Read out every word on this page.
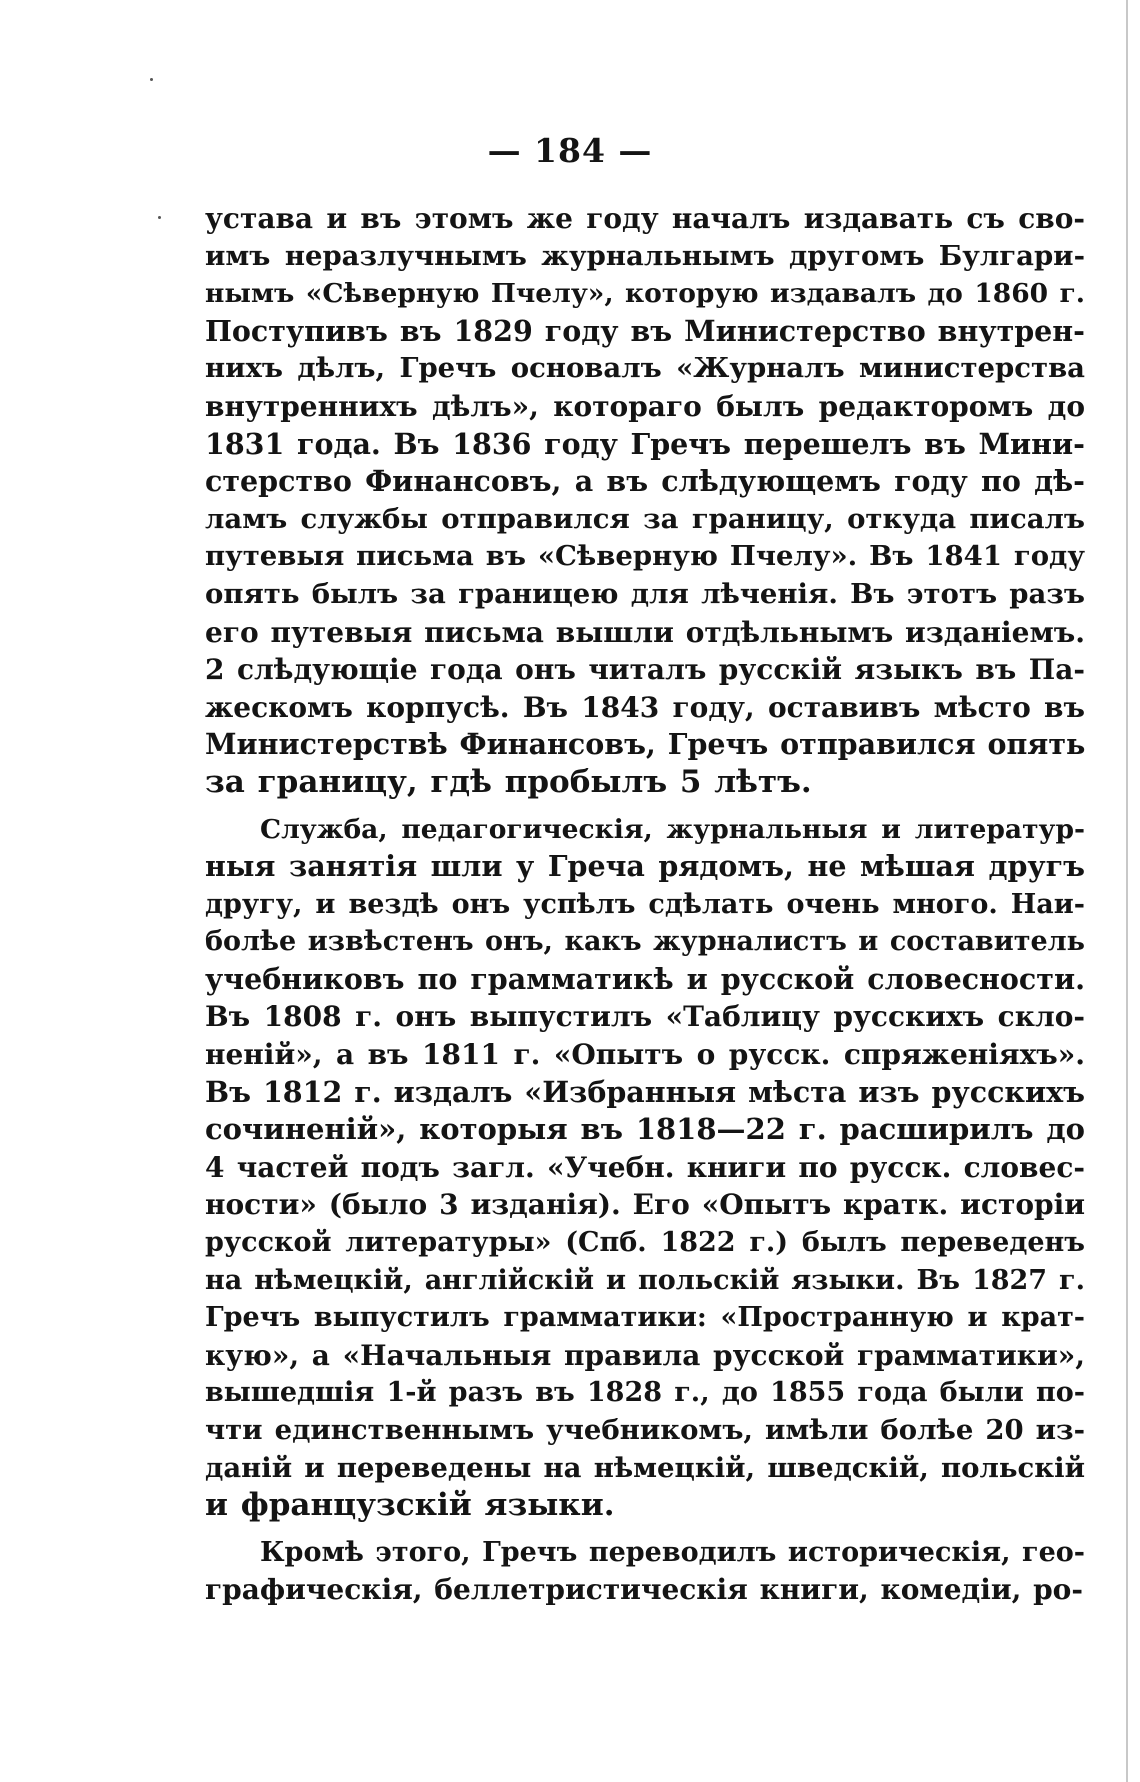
— 184 —
устава и въ этомъ же году началъ издавать съ сво-
имъ неразлучнымъ журнальнымъ другомъ Булгари-
нымъ «Сѣверную Пчелу», которую издавалъ до 1860 г.
Поступивъ въ 1829 году въ Министерство внутрен-
нихъ дѣлъ, Гречъ основалъ «Журналъ министерства
внутреннихъ дѣлъ», котораго былъ редакторомъ до
1831 года. Въ 1836 году Гречъ перешелъ въ Мини-
стерство Финансовъ, а въ слѣдующемъ году по дѣ-
ламъ службы отправился за границу, откуда писалъ
путевыя письма въ «Сѣверную Пчелу». Въ 1841 году
опять былъ за границею для лѣченія. Въ этотъ разъ
его путевыя письма вышли отдѣльнымъ изданіемъ.
2 слѣдующіе года онъ читалъ русскій языкъ въ Па-
жескомъ корпусѣ. Въ 1843 году, оставивъ мѣсто въ
Министерствѣ Финансовъ, Гречъ отправился опять
за границу, гдѣ пробылъ 5 лѣтъ.
Служба, педагогическія, журнальныя и литератур-
ныя занятія шли у Греча рядомъ, не мѣшая другъ
другу, и вездѣ онъ успѣлъ сдѣлать очень много. Наи-
болѣе извѣстенъ онъ, какъ журналистъ и составитель
учебниковъ по грамматикѣ и русской словесности.
Въ 1808 г. онъ выпустилъ «Таблицу русскихъ скло-
неній», а въ 1811 г. «Опытъ о русск. спряженіяхъ».
Въ 1812 г. издалъ «Избранныя мѣста изъ русскихъ
сочиненій», которыя въ 1818—22 г. расширилъ до
4 частей подъ загл. «Учебн. книги по русск. словес-
ности» (было 3 изданія). Его «Опытъ кратк. исторіи
русской литературы» (Спб. 1822 г.) былъ переведенъ
на нѣмецкій, англійскій и польскій языки. Въ 1827 г.
Гречъ выпустилъ грамматики: «Пространную и крат-
кую», а «Начальныя правила русской грамматики»,
вышедшія 1-й разъ въ 1828 г., до 1855 года были по-
чти единственнымъ учебникомъ, имѣли болѣе 20 из-
даній и переведены на нѣмецкій, шведскій, польскій
и французскій языки.
Кромѣ этого, Гречъ переводилъ историческія, гео-
графическія, беллетристическія книги, комедіи, ро-
